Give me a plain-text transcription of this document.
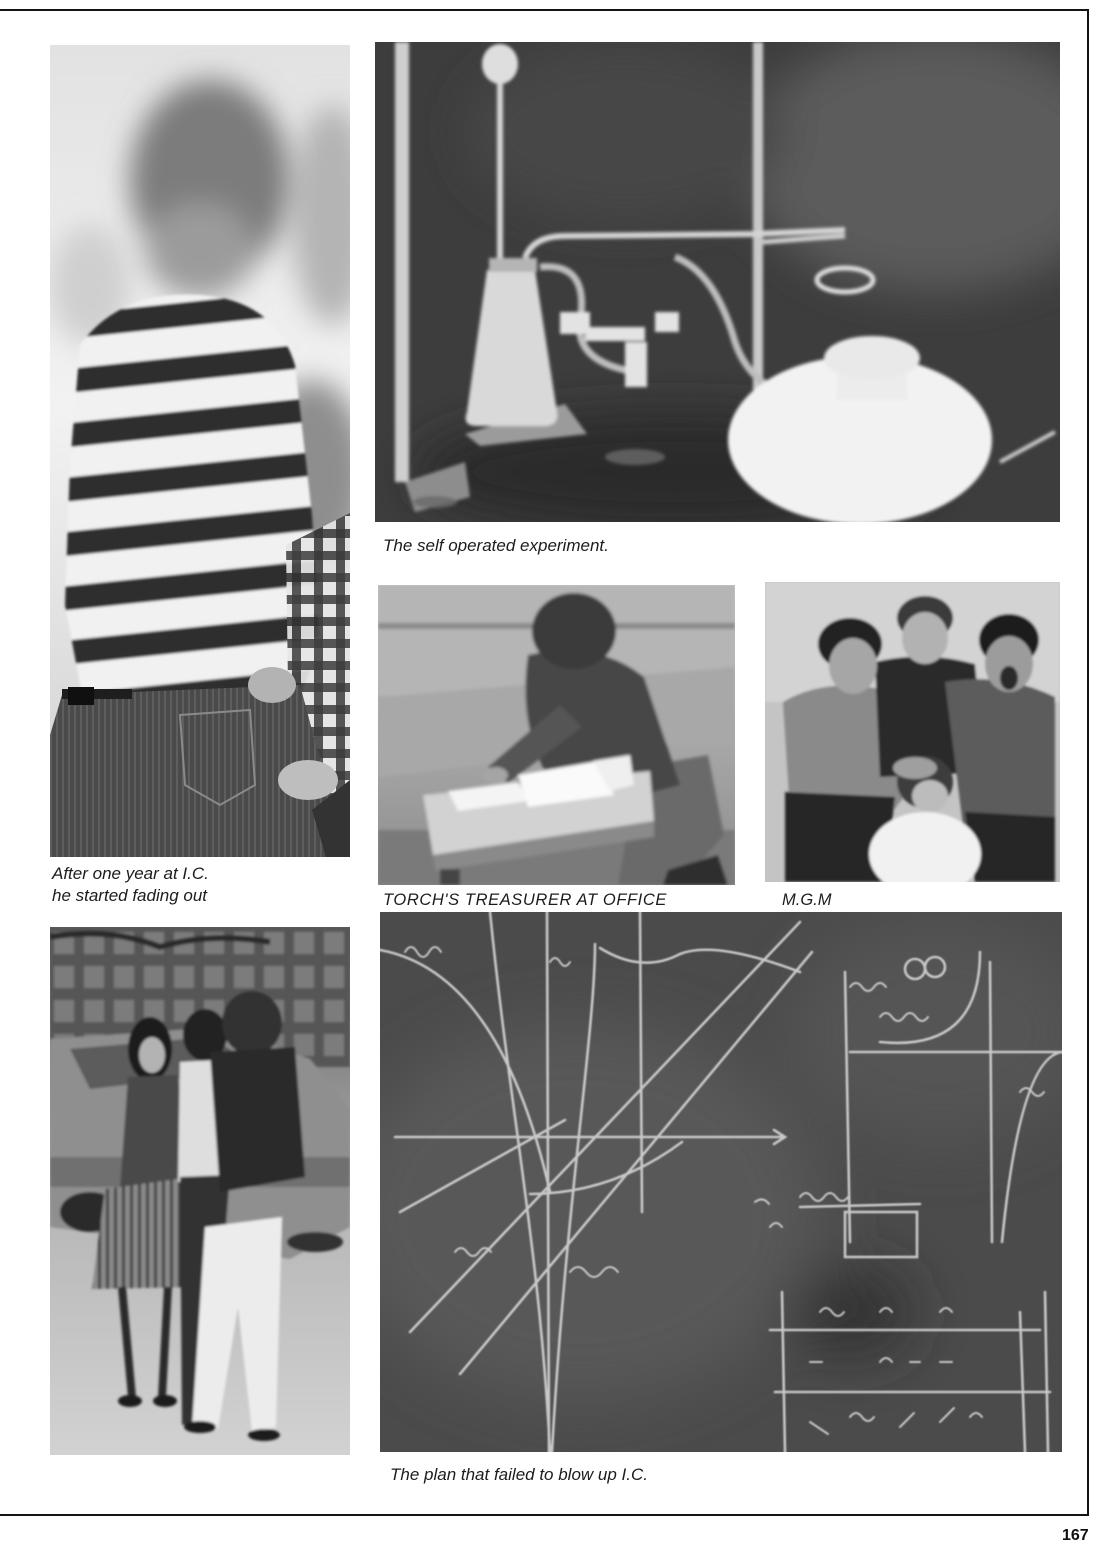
After one year at I.C.
he started fading out
The self operated experiment.
TORCH'S TREASURER AT OFFICE	M.G.M
The plan that failed to blow up I.C.
167
